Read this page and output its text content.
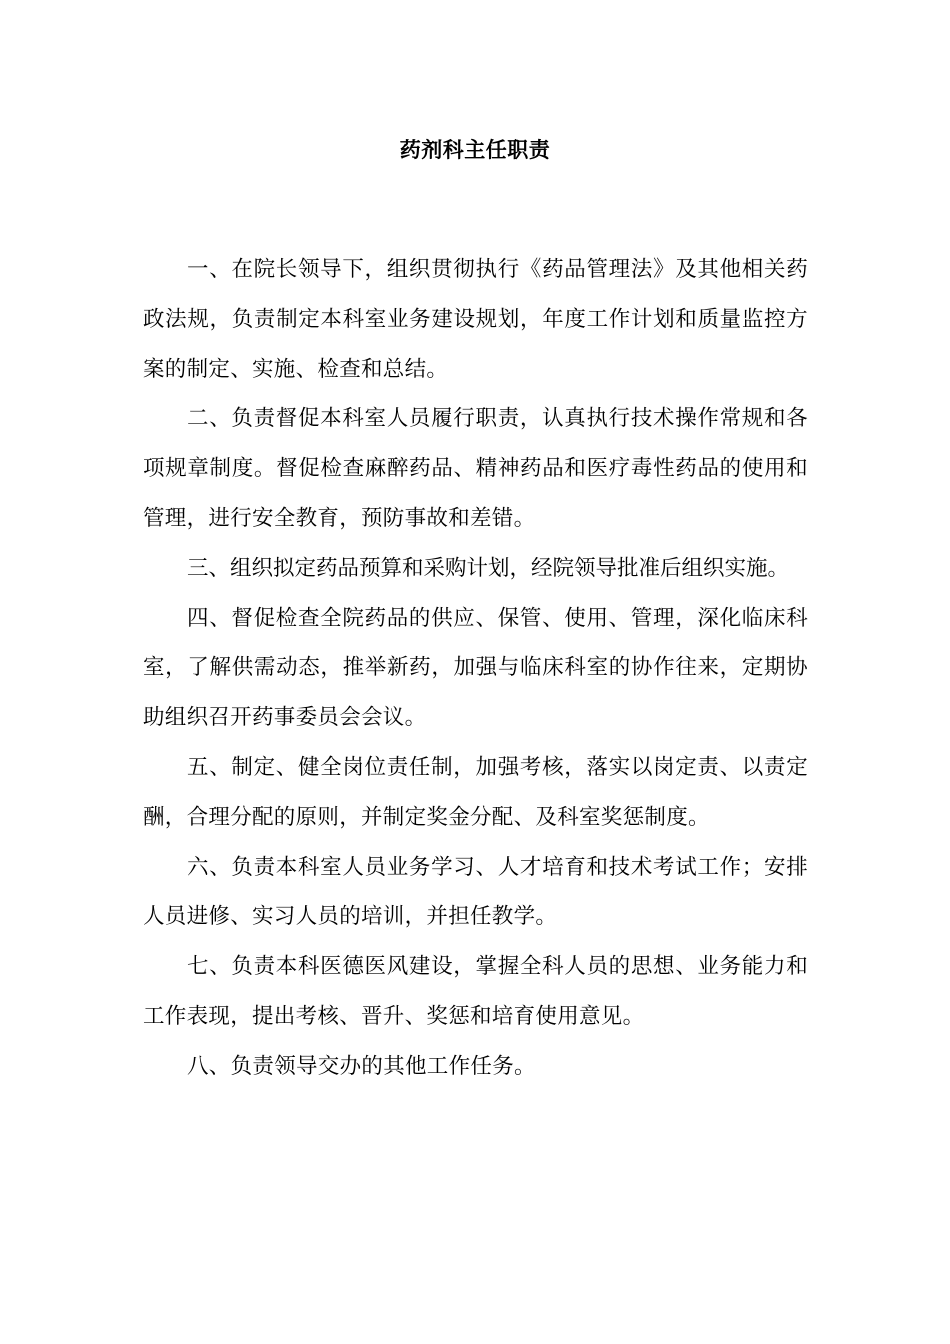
药剂科主任职责

一、在院长领导下，组织贯彻执行《药品管理法》及其他相关药政法规，负责制定本科室业务建设规划，年度工作计划和质量监控方案的制定、实施、检查和总结。

二、负责督促本科室人员履行职责，认真执行技术操作常规和各项规章制度。督促检查麻醉药品、精神药品和医疗毒性药品的使用和管理，进行安全教育，预防事故和差错。

三、组织拟定药品预算和采购计划，经院领导批准后组织实施。

四、督促检查全院药品的供应、保管、使用、管理，深化临床科室，了解供需动态，推举新药，加强与临床科室的协作往来，定期协助组织召开药事委员会会议。

五、制定、健全岗位责任制，加强考核，落实以岗定责、以责定酬，合理分配的原则，并制定奖金分配、及科室奖惩制度。

六、负责本科室人员业务学习、人才培育和技术考试工作；安排人员进修、实习人员的培训，并担任教学。

七、负责本科医德医风建设，掌握全科人员的思想、业务能力和工作表现，提出考核、晋升、奖惩和培育使用意见。

八、负责领导交办的其他工作任务。
